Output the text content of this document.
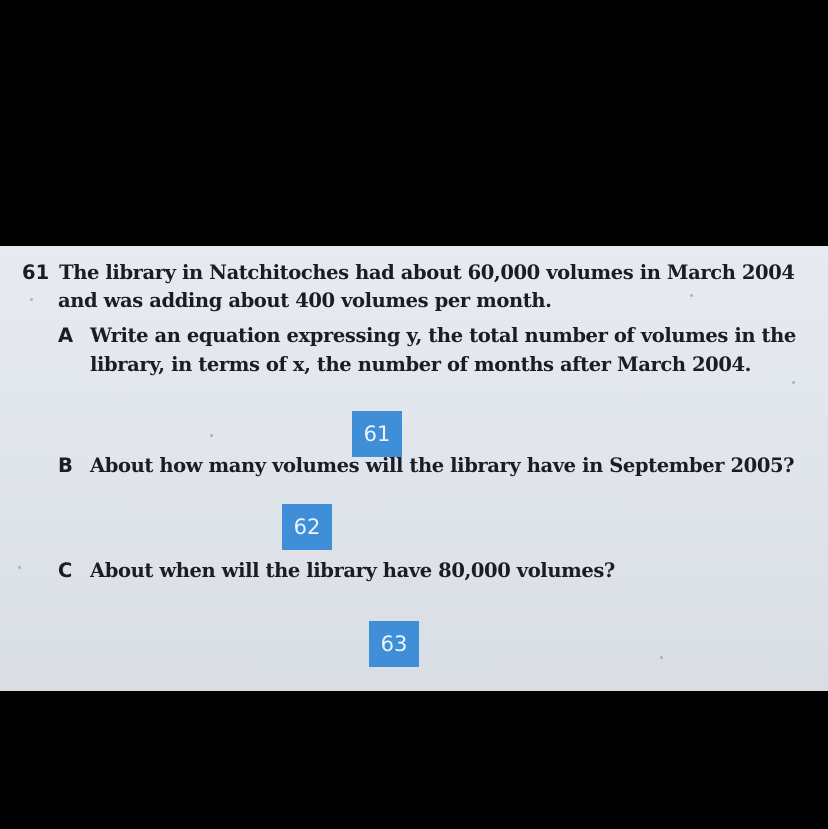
61 The library in Natchitoches had about 60,000 volumes in March 2004
and was adding about 400 volumes per month.
A Write an equation expressing y, the total number of volumes in the
library, in terms of x, the number of months after March 2004.
61
B About how many volumes will the library have in September 2005?
62
C About when will the library have 80,000 volumes?
63
